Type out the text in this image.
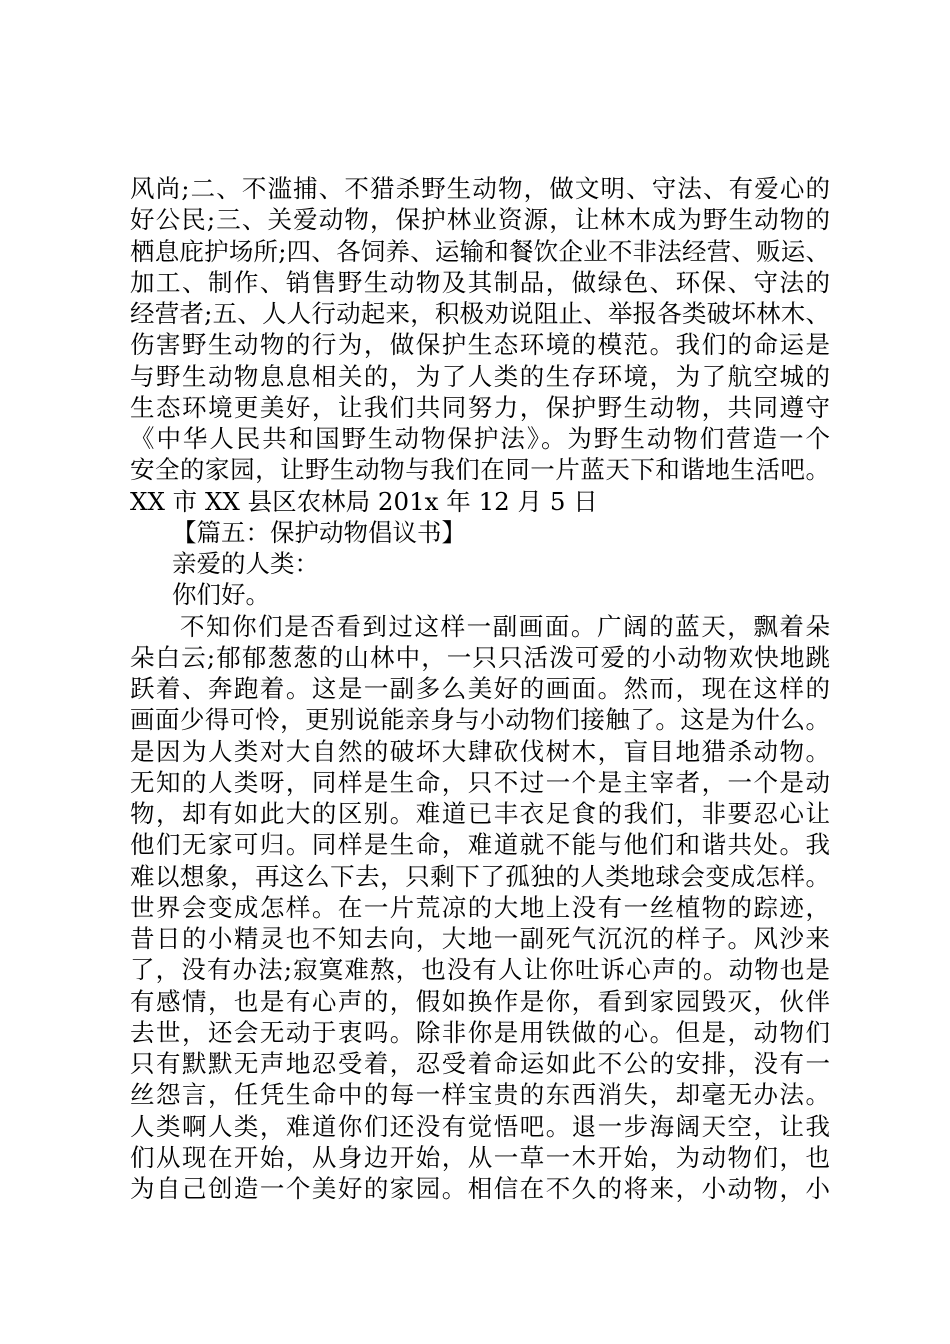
风尚;二、不滥捕、不猎杀野生动物，做文明、守法、有爱心的
好公民;三、关爱动物，保护林业资源，让林木成为野生动物的
栖息庇护场所;四、各饲养、运输和餐饮企业不非法经营、贩运、
加工、制作、销售野生动物及其制品，做绿色、环保、守法的
经营者;五、人人行动起来，积极劝说阻止、举报各类破坏林木、
伤害野生动物的行为，做保护生态环境的模范。我们的命运是
与野生动物息息相关的，为了人类的生存环境，为了航空城的
生态环境更美好，让我们共同努力，保护野生动物，共同遵守
《中华人民共和国野生动物保护法》。为野生动物们营造一个
安全的家园，让野生动物与我们在同一片蓝天下和谐地生活吧。
XX 市 XX 县区农林局 201x 年 12 月 5 日
【篇五：保护动物倡议书】
亲爱的人类：
你们好。
不知你们是否看到过这样一副画面。广阔的蓝天，飘着朵
朵白云;郁郁葱葱的山林中，一只只活泼可爱的小动物欢快地跳
跃着、奔跑着。这是一副多么美好的画面。然而，现在这样的
画面少得可怜，更别说能亲身与小动物们接触了。这是为什么。
是因为人类对大自然的破坏大肆砍伐树木，盲目地猎杀动物。
无知的人类呀，同样是生命，只不过一个是主宰者，一个是动
物，却有如此大的区别。难道已丰衣足食的我们，非要忍心让
他们无家可归。同样是生命，难道就不能与他们和谐共处。我
难以想象，再这么下去，只剩下了孤独的人类地球会变成怎样。
世界会变成怎样。在一片荒凉的大地上没有一丝植物的踪迹，
昔日的小精灵也不知去向，大地一副死气沉沉的样子。风沙来
了，没有办法;寂寞难熬，也没有人让你吐诉心声的。动物也是
有感情，也是有心声的，假如换作是你，看到家园毁灭，伙伴
去世，还会无动于衷吗。除非你是用铁做的心。但是，动物们
只有默默无声地忍受着，忍受着命运如此不公的安排，没有一
丝怨言，任凭生命中的每一样宝贵的东西消失，却毫无办法。
人类啊人类，难道你们还没有觉悟吧。退一步海阔天空，让我
们从现在开始，从身边开始，从一草一木开始，为动物们，也
为自己创造一个美好的家园。相信在不久的将来，小动物，小
